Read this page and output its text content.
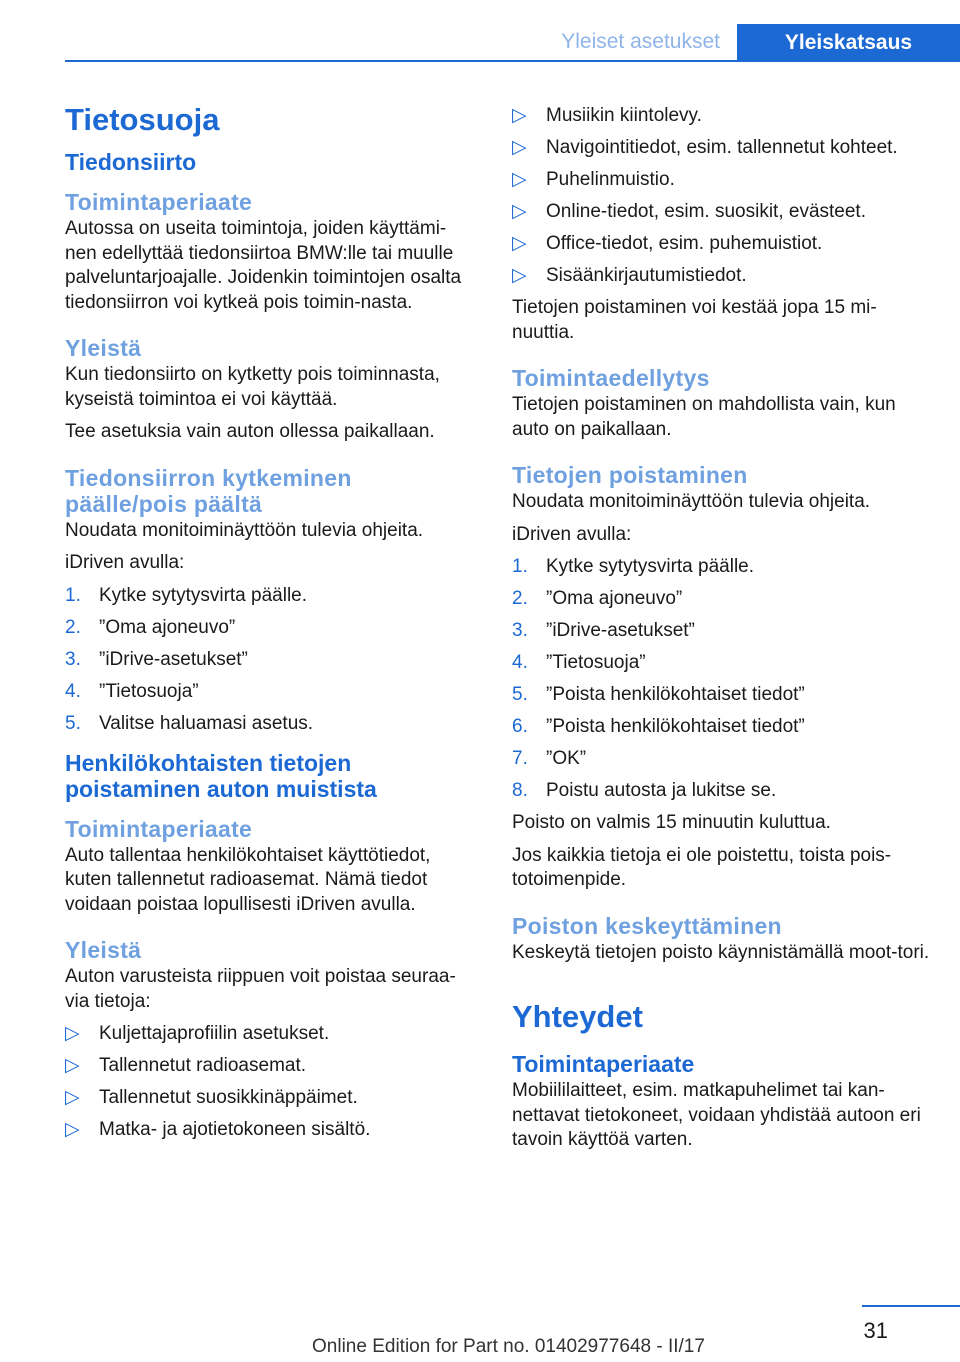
Yleiset asetukset	Yleiskatsaus
Tietosuoja
Tiedonsiirto
Toimintaperiaate
Autossa on useita toimintoja, joiden käyttämi-nen edellyttää tiedonsiirtoa BMW:lle tai muulle palveluntarjoajalle. Joidenkin toimintojen osalta tiedonsiirron voi kytkeä pois toimin-nasta.
Yleistä
Kun tiedonsiirto on kytketty pois toiminnasta, kyseistä toimintoa ei voi käyttää.
Tee asetuksia vain auton ollessa paikallaan.
Tiedonsiirron kytkeminen päälle/pois päältä
Noudata monitoiminäyttöön tulevia ohjeita.
iDriven avulla:
1. Kytke sytytysvirta päälle.
2. ”Oma ajoneuvo”
3. ”iDrive-asetukset”
4. ”Tietosuoja”
5. Valitse haluamasi asetus.
Henkilökohtaisten tietojen poistaminen auton muistista
Toimintaperiaate
Auto tallentaa henkilökohtaiset käyttötiedot, kuten tallennetut radioasemat. Nämä tiedot voidaan poistaa lopullisesti iDriven avulla.
Yleistä
Auton varusteista riippuen voit poistaa seuraa-via tietoja:
▷ Kuljettajaprofiilin asetukset.
▷ Tallennetut radioasemat.
▷ Tallennetut suosikkinäppäimet.
▷ Matka- ja ajotietokoneen sisältö.
▷ Musiikin kiintolevy.
▷ Navigointitiedot, esim. tallennetut kohteet.
▷ Puhelinmuistio.
▷ Online-tiedot, esim. suosikit, evästeet.
▷ Office-tiedot, esim. puhemuistiot.
▷ Sisäänkirjautumistiedot.
Tietojen poistaminen voi kestää jopa 15 mi-nuuttia.
Toimintaedellytys
Tietojen poistaminen on mahdollista vain, kun auto on paikallaan.
Tietojen poistaminen
Noudata monitoiminäyttöön tulevia ohjeita.
iDriven avulla:
1. Kytke sytytysvirta päälle.
2. ”Oma ajoneuvo”
3. ”iDrive-asetukset”
4. ”Tietosuoja”
5. ”Poista henkilökohtaiset tiedot”
6. ”Poista henkilökohtaiset tiedot”
7. ”OK”
8. Poistu autosta ja lukitse se.
Poisto on valmis 15 minuutin kuluttua.
Jos kaikkia tietoja ei ole poistettu, toista pois-totoimenpide.
Poiston keskeyttäminen
Keskeytä tietojen poisto käynnistämällä moot-tori.
Yhteydet
Toimintaperiaate
Mobiililaitteet, esim. matkapuhelimet tai kan-nettavat tietokoneet, voidaan yhdistää autoon eri tavoin käyttöä varten.
31
Online Edition for Part no. 01402977648 - II/17
